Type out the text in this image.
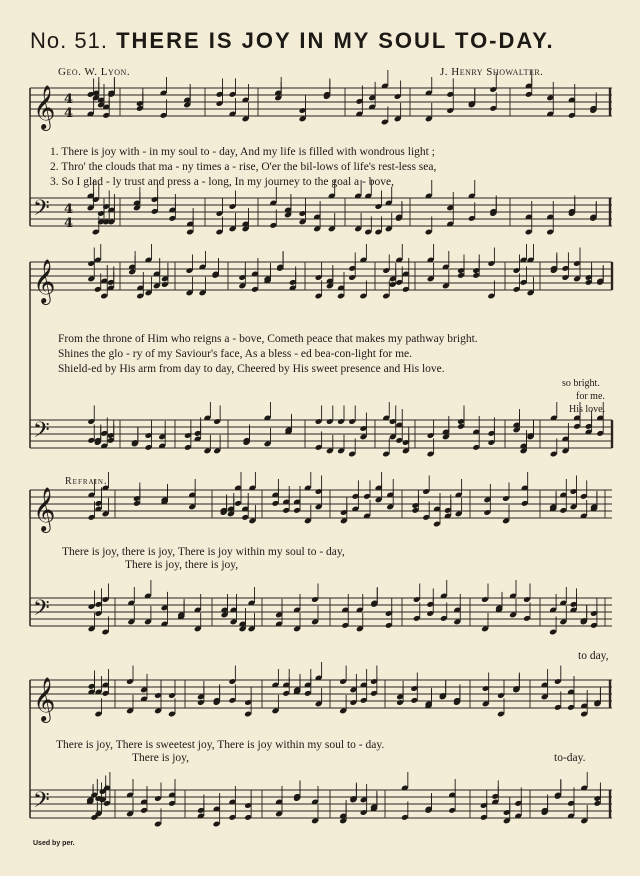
No. 51. THERE IS JOY IN MY SOUL TO-DAY.
Geo. W. Lyon.	J. Henry Showalter.
𝄞 4
4
𝄢 4
4
𝄞
𝄢
𝄞
𝄢
𝄞
𝄢
1. There is joy with - in my soul to - day, And my life is filled with wondrous light ;
2. Thro' the clouds that ma - ny times a - rise, O'er the bil-lows of life's rest-less sea,
3. So I glad - ly trust and press a - long, In my journey to the goal a - bove,
From the throne of Him who reigns a - bove, Cometh peace that makes my pathway bright.
Shines the glo - ry of my Saviour's face, As a bless - ed bea-con-light for me.
Shield-ed by His arm from day to day, Cheered by His sweet presence and His love.
so bright.
for me.
His love.
Refrain.
There is joy, there is joy, There is joy within my soul to - day,
There is joy, there is joy,
to day,
There is joy, There is sweetest joy, There is joy within my soul to - day.
There is joy,	to-day.
Used by per.
